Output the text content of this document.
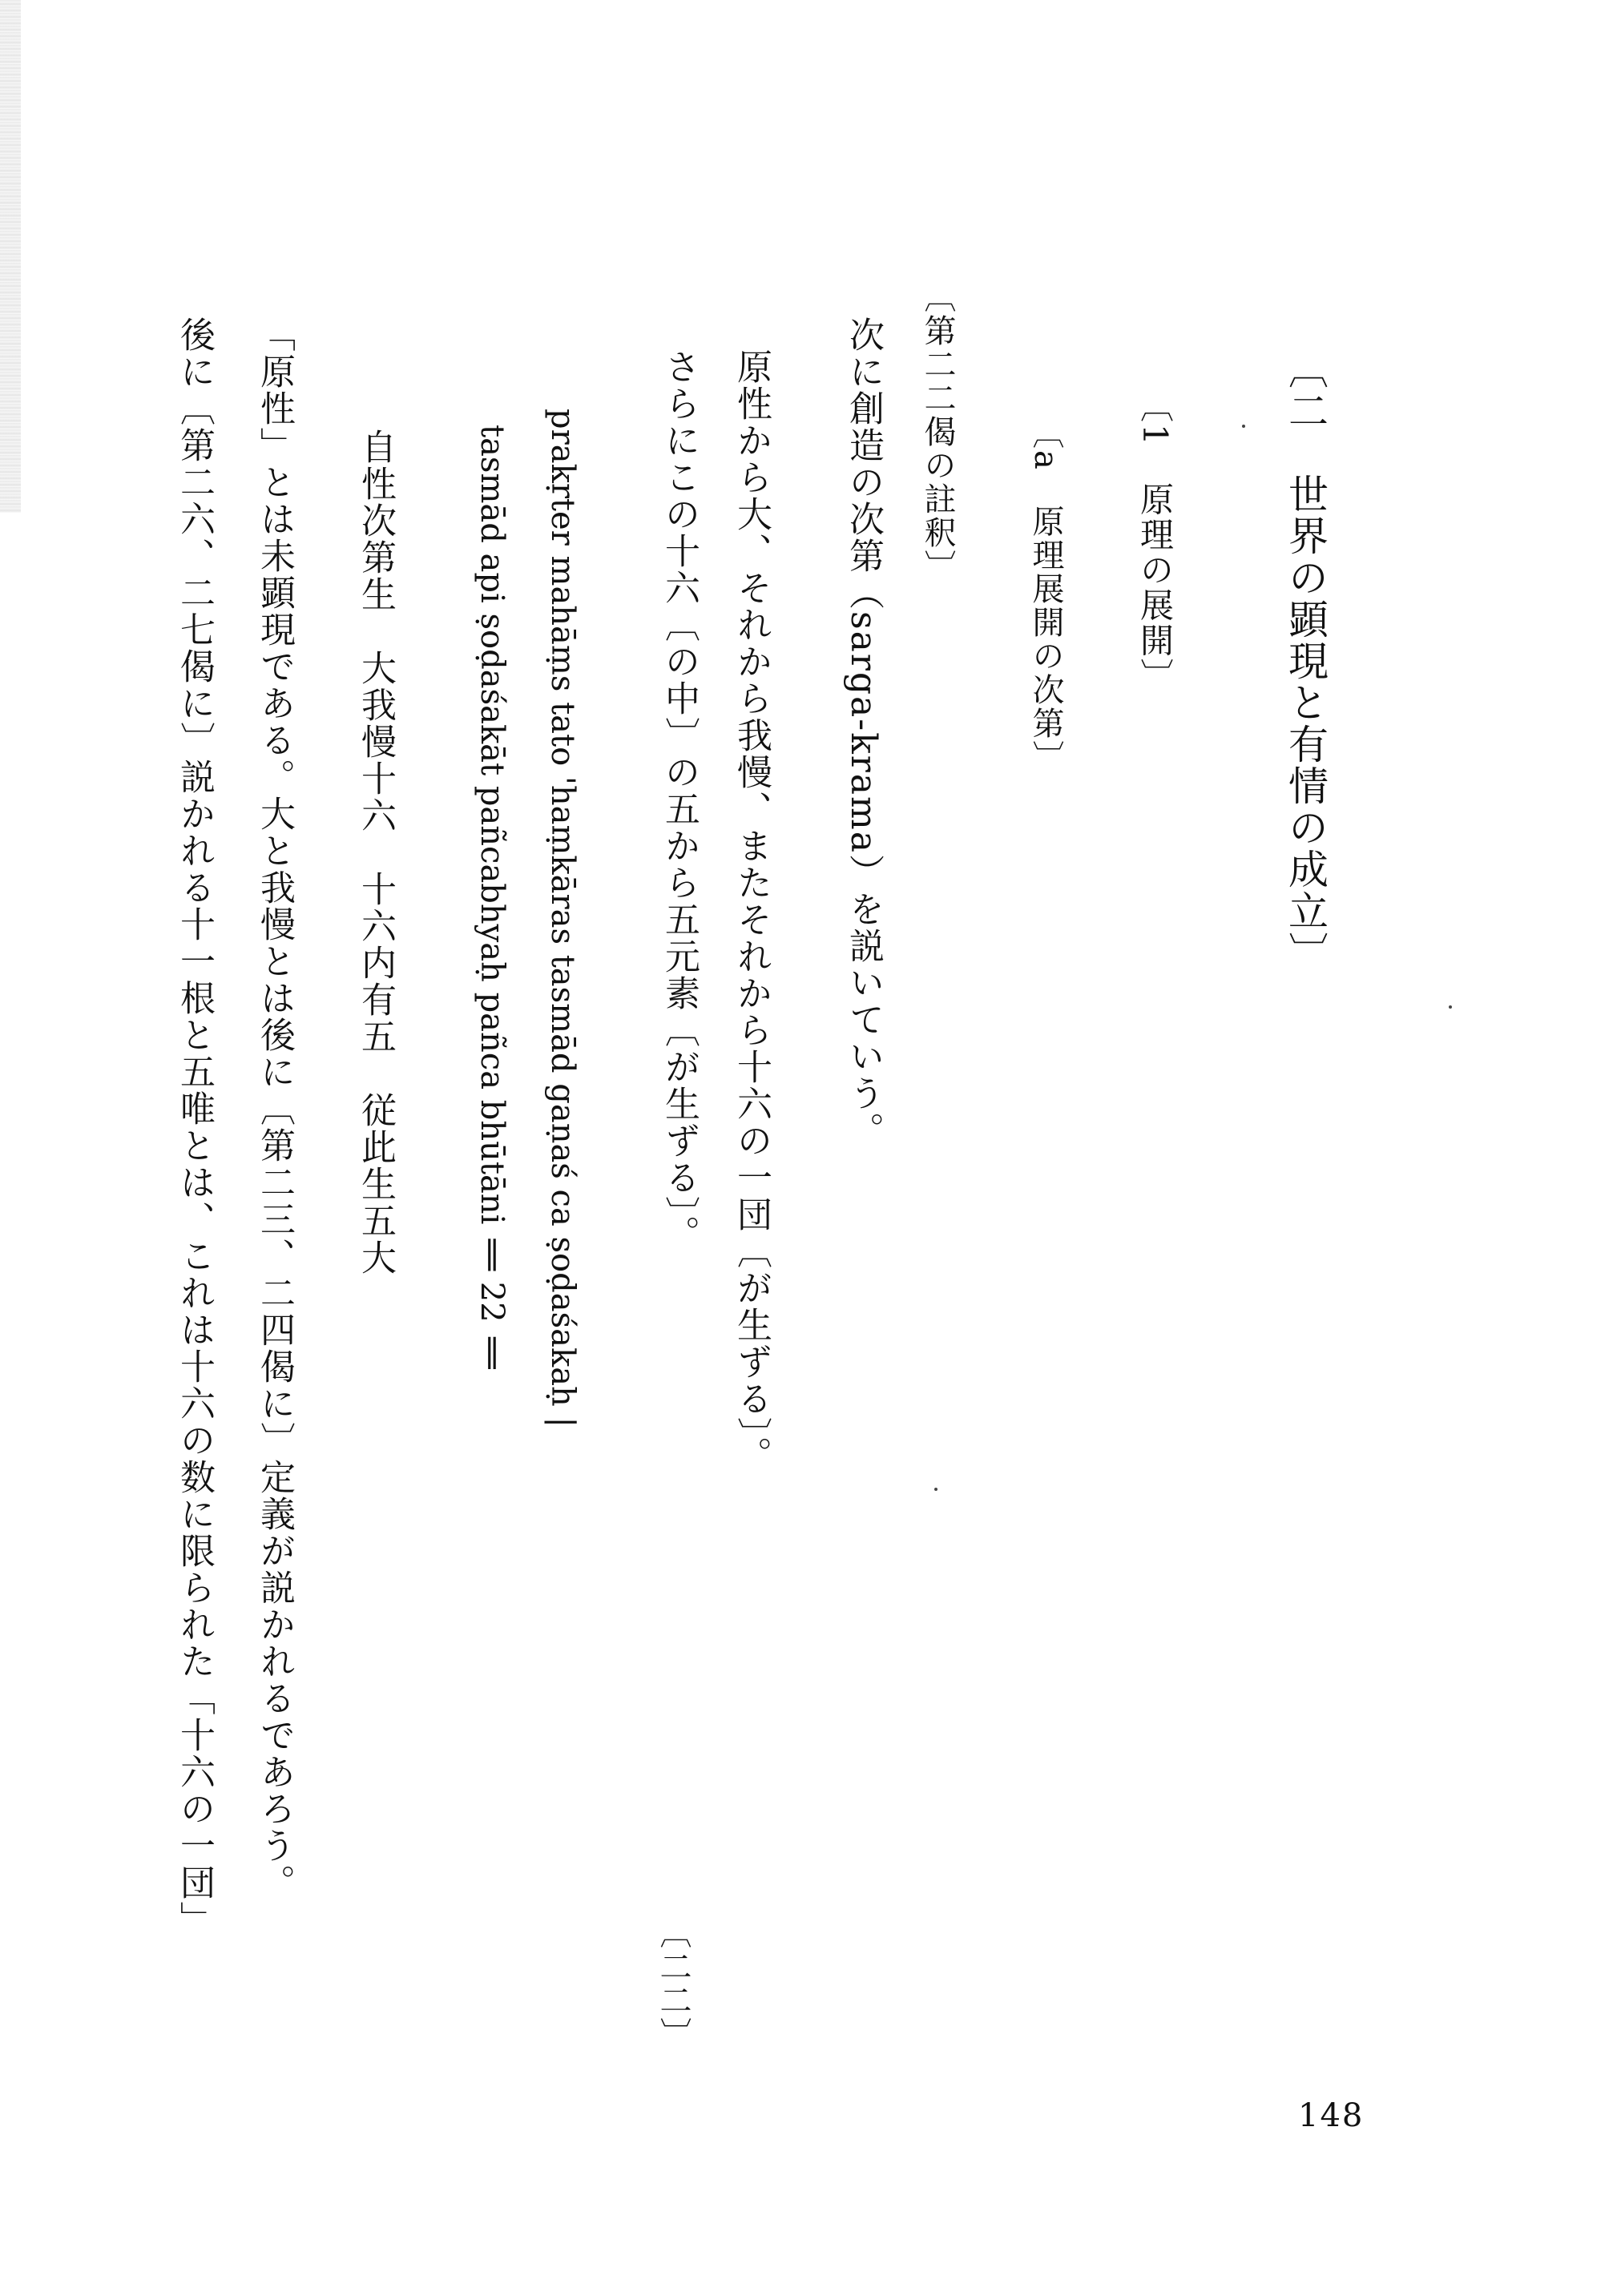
〔二　世界の顕現と有情の成立〕
〔1　原理の展開〕
〔a　原理展開の次第〕
〔第二二偈の註釈〕
次に創造の次第（sarga-krama）を説いていう。
原性から大、それから我慢、またそれから十六の一団〔が生ずる〕。
さらにこの十六〔の中〕の五から五元素〔が生ずる〕。
〔二二〕
prakṛter mahāṃs tato 'haṃkāras tasmād gaṇaś ca ṣoḍaśakaḥ |
tasmād api ṣoḍaśakāt pañcabhyaḥ pañca bhūtāni ‖ 22 ‖
自性次第生　大我慢十六　十六内有五　従此生五大
「原性」とは未顕現である。大と我慢とは後に〔第二三、二四偈に〕定義が説かれるであろう。
後に〔第二六、二七偈に〕説かれる十一根と五唯とは、これは十六の数に限られた「十六の一団」
148
